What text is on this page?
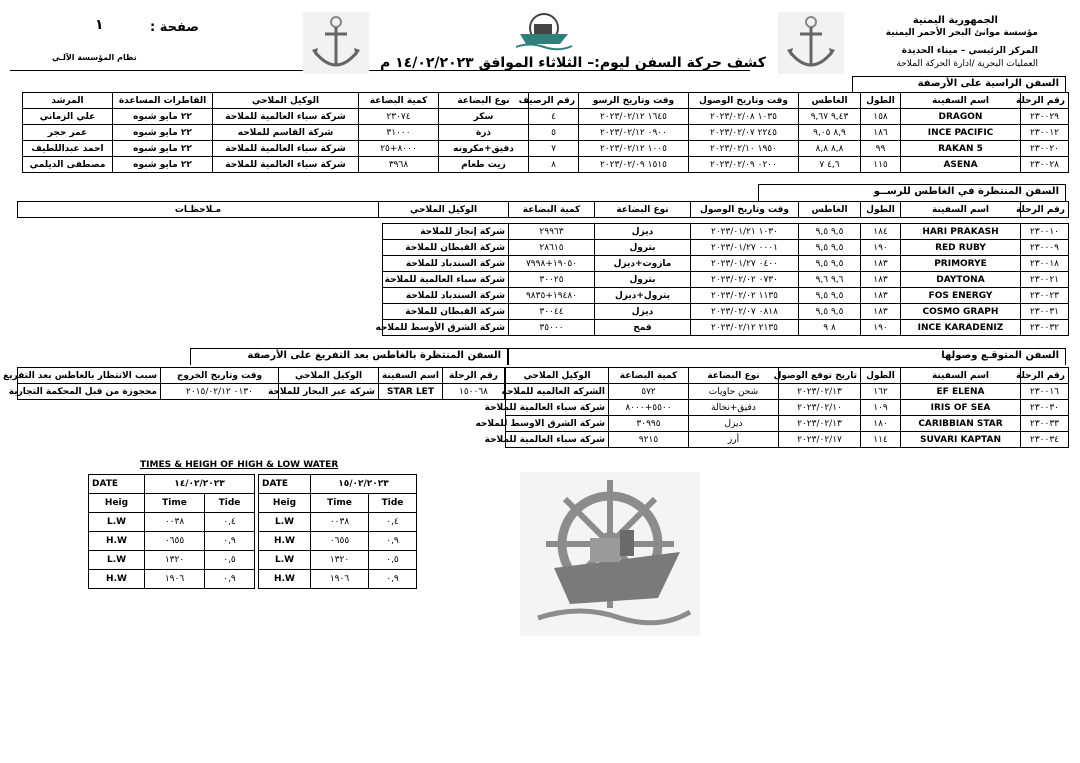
الجمهورية اليمنية
مؤسسة موانئ البحر الأحمر اليمنية
المركز الرئيسي – ميناء الحديدة
العمليات البحرية /ادارة الحركة الملاحة
صفحة :
١
نظام المؤسسة الآلـي	كشف حركة السفن ليوم:– الثلاثاء الموافق ١٤/٠٢/٢٠٢٣ م
السفن الراسية على الأرصفة
رقم الرحلة	اسم السفينة	الطول	الغاطس	وقت وتاريخ الوصول	وقت وتاريخ الرسو	رقم الرصيف	نوع البضاعة	كمية البضاعة	الوكيل الملاحي	القاطرات المساعدة	المرشد
٢٣٠٠٢٩	DRAGON	١٥٨	٩,٤٣ ٩,٦٧	١٠٣٥ ٢٠٢٣/٠٢/٠٨	١٦٤٥ ٢٠٢٣/٠٢/١٢	٤	سكر	٢٣٠٧٤	شركة سباء العالمية للملاحة	٢٢ مايو شبوه	علي الزماني
٢٣٠٠١٢	INCE PACIFIC	١٨٦	٨,٩ ٩,٠٥	٢٢٤٥ ٢٠٢٣/٠٢/٠٧	٠٩٠٠ ٢٠٢٣/٠٢/١٢	٥	ذرة	٣١٠٠٠	شركة القاسم للملاحه	٢٢ مايو شبوه	عمر حجر
٢٣٠٠٢٠	RAKAN 5	٩٩	٨,٨ ٨,٨	١٩٥٠ ٢٠٢٣/٠٢/١٠	١٠٠٥ ٢٠٢٣/٠٢/١٢	٧	دقيق+مكرونه	٨٠٠٠+٢٥	شركة سباء العالمية للملاحة	٢٢ مايو شبوه	احمد عبداللطيف
٢٣٠٠٢٨	ASENA	١١٥	٤,٦ ٧	٠٢٠٠ ٢٠٢٣/٠٢/٠٩	١٥١٥ ٢٠٢٣/٠٢/٠٩	٨	زيت طعام	٣٩٦٨	شركة سباء العالمية للملاحة	٢٢ مايو شبوه	مصطفى الديلمي
السفن المنتظرة في الغاطس للرســو
رقم الرحلة	اسم السفينة	الطول	الغاطس	وقت وتاريخ الوصول	نوع البضاعة	كمية البضاعة	الوكيل الملاحي	مـلاحظـات
٢٣٠٠١٠	HARI PRAKASH	١٨٤	٩,٥ ٩,٥	١٠٣٠ ٢٠٢٣/٠١/٢١	ديزل	٢٩٩٦٣	شركة إنجاز للملاحة
٢٣٠٠٠٩	RED RUBY	١٩٠	٩,٥ ٩,٥	٠٠٠١ ٢٠٢٣/٠١/٢٧	بترول	٢٨٦١٥	شركة القبطان للملاحة
٢٣٠٠١٨	PRIMORYE	١٨٣	٩,٥ ٩,٥	٠٤٠٠ ٢٠٢٣/٠١/٢٧	مازوت+ديزل	١٩٠٥٠+٧٩٩٨	شركة السندباد للملاحة
٢٣٠٠٢١	DAYTONA	١٨٣	٩,٦ ٩,٦	٠٧٣٠ ٢٠٢٣/٠٢/٠٢	بترول	٣٠٠٢٥	شركة سباء العالمية للملاحة
٢٣٠٠٢٣	FOS ENERGY	١٨٣	٩,٥ ٩,٥	١١٣٥ ٢٠٢٣/٠٢/٠٢	بترول+ديزل	١٩٤٨٠+٩٨٣٥	شركة السندباد للملاحة
٢٣٠٠٣١	COSMO GRAPH	١٨٣	٩,٥ ٩,٥	٠٨١٨ ٢٠٢٣/٠٢/٠٧	ديزل	٣٠٠٤٤	شركة القبطان للملاحة
٢٣٠٠٣٢	INCE KARADENIZ	١٩٠	٨ ٩	٢١٣٥ ٢٠٢٣/٠٢/١٢	قمح	٣٥٠٠٠	شركة الشرق الأوسط للملاحه
السفن المتوقـع وصولها
رقم الرحلة	اسم السفينة	الطول	تاريخ توقع الوصول	نوع البضاعة	كمية البضاعة	الوكيل الملاحي
٢٣٠٠١٦	EF ELENA	١٦٢	٢٠٢٣/٠٢/١٣	شحن حاويات	٥٧٢	الشركه العالميه للملاحه
٢٣٠٠٣٠	IRIS OF SEA	١٠٩	٢٠٢٣/٠٢/١٠	دقيق+نخالة	٥٥٠٠+٨٠٠٠	شركة سباء العالمية للملاحة
٢٣٠٠٣٣	CARIBBIAN STAR	١٨٠	٢٠٢٣/٠٢/١٣	ديزل	٣٠٩٩٥	شركة الشرق الاوسط للملاحه
٢٣٠٠٣٤	SUVARI KAPTAN	١١٤	٢٠٢٣/٠٢/١٧	أرز	٩٢١٥	شركة سباء العالمية للملاحة
السفن المنتظرة بالغاطس بعد التفريغ على الأرصفة
رقم الرحلة	اسم السفينة	الوكيل الملاحي	وقت وتاريخ الخروج	سبب الانتظار بالغاطس بعد التفريغ
١٥٠٠٦٨	STAR LET	شركة عبر البحار للملاحة	٠١٣٠ ٢٠١٥/٠٢/١٢	محجوزة من قبل المحكمة التجارية
TIMES & HEIGH OF HIGH & LOW WATER
DATE	١٤/٠٢/٢٠٢٣	
Heig	Time	Tide
L.W	٠٠٣٨	٠,٤
H.W	٠٦٥٥	٠,٩
L.W	١٣٢٠	٠,٥
H.W	١٩٠٦	٠,٩
DATE	١٥/٠٢/٢٠٢٣	
Heig	Time	Tide
L.W	٠٠٣٨	٠,٤
H.W	٠٦٥٥	٠,٩
L.W	١٣٢٠	٠,٥
H.W	١٩٠٦	٠,٩
